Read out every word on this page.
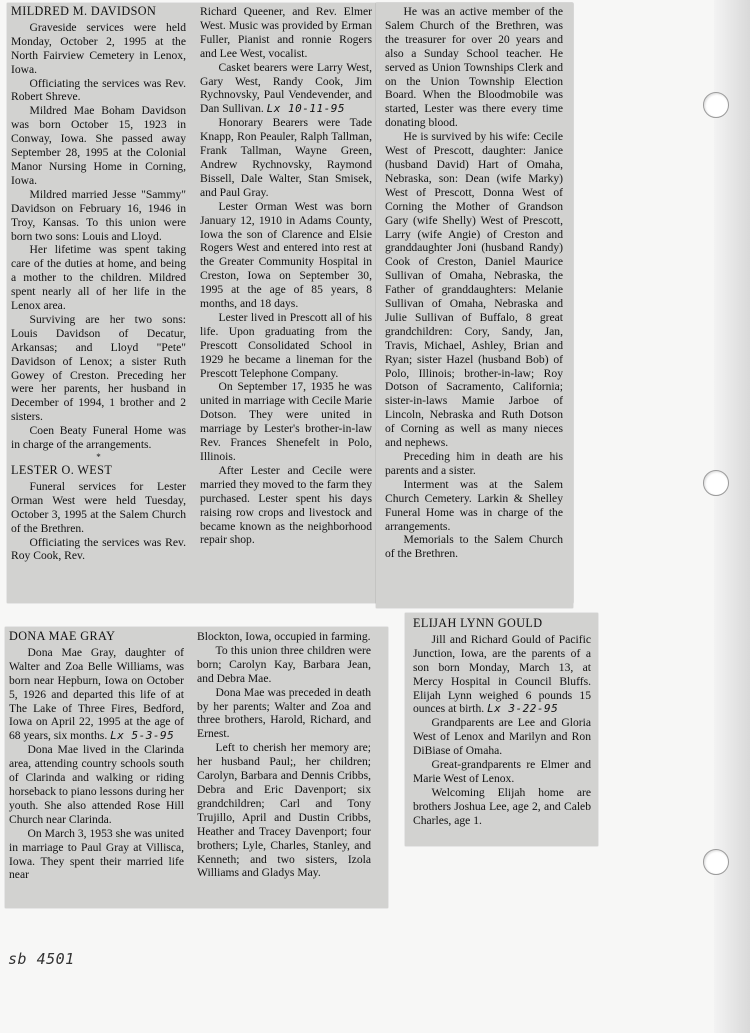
MILDRED M. DAVIDSON

Graveside services were held Monday, October 2, 1995 at the North Fairview Cemetery in Lenox, Iowa.

Officiating the services was Rev. Robert Shreve.

Mildred Mae Boham Davidson was born October 15, 1923 in Conway, Iowa. She passed away September 28, 1995 at the Colonial Manor Nursing Home in Corning, Iowa.

Mildred married Jesse "Sammy" Davidson on February 16, 1946 in Troy, Kansas. To this union were born two sons: Louis and Lloyd.

Her lifetime was spent taking care of the duties at home, and being a mother to the children. Mildred spent nearly all of her life in the Lenox area.

Surviving are her two sons: Louis Davidson of Decatur, Arkansas; and Lloyd "Pete" Davidson of Lenox; a sister Ruth Gowey of Creston. Preceding her were her parents, her husband in December of 1994, 1 brother and 2 sisters.

Coen Beaty Funeral Home was in charge of the arrangements.

*

LESTER O. WEST

Funeral services for Lester Orman West were held Tuesday, October 3, 1995 at the Salem Church of the Brethren.

Officiating the services was Rev. Roy Cook, Rev.

Richard Queener, and Rev. Elmer West. Music was provided by Erman Fuller, Pianist and ronnie Rogers and Lee West, vocalist.

Casket bearers were Larry West, Gary West, Randy Cook, Jim Rychnovsky, Paul Vendevender, and Dan Sullivan. Lx 10-11-95

Honorary Bearers were Tade Knapp, Ron Peauler, Ralph Tallman, Frank Tallman, Wayne Green, Andrew Rychnovsky, Raymond Bissell, Dale Walter, Stan Smisek, and Paul Gray.

Lester Orman West was born January 12, 1910 in Adams County, Iowa the son of Clarence and Elsie Rogers West and entered into rest at the Greater Community Hospital in Creston, Iowa on September 30, 1995 at the age of 85 years, 8 months, and 18 days.

Lester lived in Prescott all of his life. Upon graduating from the Prescott Consolidated School in 1929 he became a lineman for the Prescott Telephone Company.

On September 17, 1935 he was united in marriage with Cecile Marie Dotson. They were united in marriage by Lester's brother-in-law Rev. Frances Shenefelt in Polo, Illinois.

After Lester and Cecile were married they moved to the farm they purchased. Lester spent his days raising row crops and livestock and became known as the neighborhood repair shop.

He was an active member of the Salem Church of the Brethren, was the treasurer for over 20 years and also a Sunday School teacher. He served as Union Townships Clerk and on the Union Township Election Board. When the Bloodmobile was started, Lester was there every time donating blood.

He is survived by his wife: Cecile West of Prescott, daughter: Janice (husband David) Hart of Omaha, Nebraska, son: Dean (wife Marky) West of Prescott, Donna West of Corning the Mother of Grandson Gary (wife Shelly) West of Prescott, Larry (wife Angie) of Creston and granddaughter Joni (husband Randy) Cook of Creston, Daniel Maurice Sullivan of Omaha, Nebraska, the Father of granddaughters: Melanie Sullivan of Omaha, Nebraska and Julie Sullivan of Buffalo, 8 great grandchildren: Cory, Sandy, Jan, Travis, Michael, Ashley, Brian and Ryan; sister Hazel (husband Bob) of Polo, Illinois; brother-in-law; Roy Dotson of Sacramento, California; sister-in-laws Mamie Jarboe of Lincoln, Nebraska and Ruth Dotson of Corning as well as many nieces and nephews.

Preceding him in death are his parents and a sister.

Interment was at the Salem Church Cemetery. Larkin & Shelley Funeral Home was in charge of the arrangements.

Memorials to the Salem Church of the Brethren.

DONA MAE GRAY

Dona Mae Gray, daughter of Walter and Zoa Belle Williams, was born near Hepburn, Iowa on October 5, 1926 and departed this life of at The Lake of Three Fires, Bedford, Iowa on April 22, 1995 at the age of 68 years, six months. Lx 5-3-95

Dona Mae lived in the Clarinda area, attending country schools south of Clarinda and walking or riding horseback to piano lessons during her youth. She also attended Rose Hill Church near Clarinda.

On March 3, 1953 she was united in marriage to Paul Gray at Villisca, Iowa. They spent their married life near

Blockton, Iowa, occupied in farming.

To this union three children were born; Carolyn Kay, Barbara Jean, and Debra Mae.

Dona Mae was preceded in death by her parents; Walter and Zoa and three brothers, Harold, Richard, and Ernest.

Left to cherish her memory are; her husband Paul;, her children; Carolyn, Barbara and Dennis Cribbs, Debra and Eric Davenport; six grandchildren; Carl and Tony Trujillo, April and Dustin Cribbs, Heather and Tracey Davenport; four brothers; Lyle, Charles, Stanley, and Kenneth; and two sisters, Izola Williams and Gladys May.

ELIJAH LYNN GOULD

Jill and Richard Gould of Pacific Junction, Iowa, are the parents of a son born Monday, March 13, at Mercy Hospital in Council Bluffs. Elijah Lynn weighed 6 pounds 15 ounces at birth. Lx 3-22-95

Grandparents are Lee and Gloria West of Lenox and Marilyn and Ron DiBiase of Omaha.

Great-grandparents re Elmer and Marie West of Lenox.

Welcoming Elijah home are brothers Joshua Lee, age 2, and Caleb Charles, age 1.

sb 4501
